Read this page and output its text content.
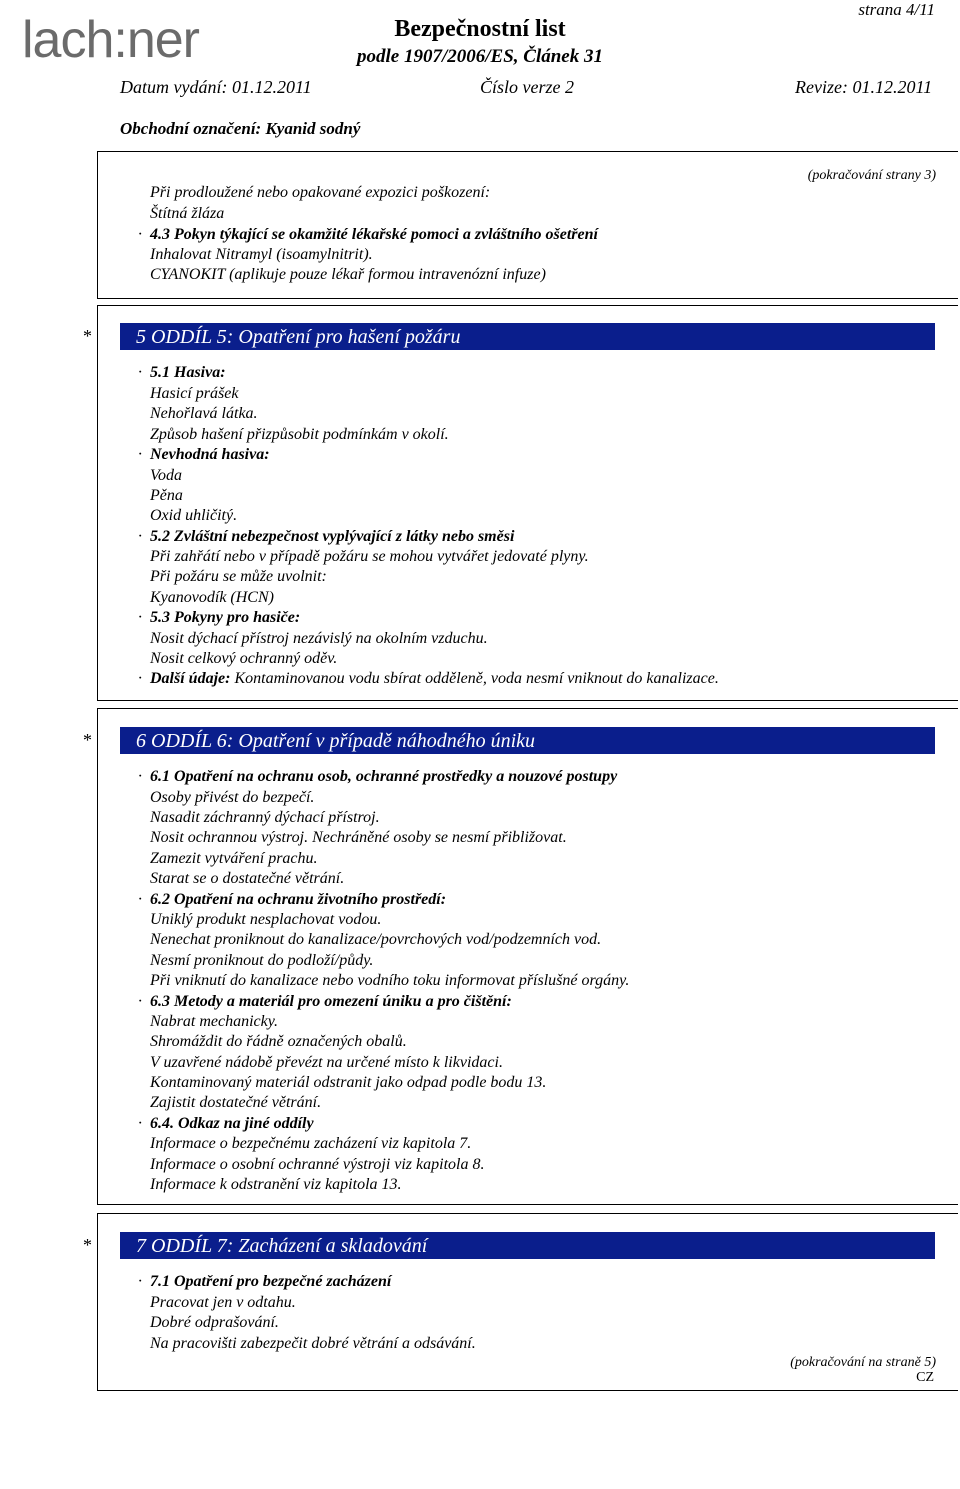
lach:ner	Bezpečnostní list
podle 1907/2006/ES, Článek 31
strana 4/11
Datum vydání: 01.12.2011	Číslo verze 2	Revize: 01.12.2011
Obchodní označení: Kyanid sodný
(pokračování strany 3)
Při prodloužené nebo opakované expozici poškození:
Štítná žláza
· 4.3 Pokyn týkající se okamžité lékařské pomoci a zvláštního ošetření
Inhalovat Nitramyl (isoamylnitrit).
CYANOKIT (aplikuje pouze lékař formou intravenózní infuze)
* 5 ODDÍL 5: Opatření pro hašení požáru
· 5.1 Hasiva:
Hasicí prášek
Nehořlavá látka.
Způsob hašení přizpůsobit podmínkám v okolí.
· Nevhodná hasiva:
Voda
Pěna
Oxid uhličitý.
· 5.2 Zvláštní nebezpečnost vyplývající z látky nebo směsi
Při zahřátí nebo v případě požáru se mohou vytvářet jedovaté plyny.
Při požáru se může uvolnit:
Kyanovodík (HCN)
· 5.3 Pokyny pro hasiče:
Nosit dýchací přístroj nezávislý na okolním vzduchu.
Nosit celkový ochranný oděv.
· Další údaje: Kontaminovanou vodu sbírat odděleně, voda nesmí vniknout do kanalizace.
* 6 ODDÍL 6: Opatření v případě náhodného úniku
· 6.1 Opatření na ochranu osob, ochranné prostředky a nouzové postupy
Osoby přivést do bezpečí.
Nasadit záchranný dýchací přístroj.
Nosit ochrannou výstroj. Nechráněné osoby se nesmí přibližovat.
Zamezit vytváření prachu.
Starat se o dostatečné větrání.
· 6.2 Opatření na ochranu životního prostředí:
Uniklý produkt nesplachovat vodou.
Nenechat proniknout do kanalizace/povrchových vod/podzemních vod.
Nesmí proniknout do podloží/půdy.
Při vniknutí do kanalizace nebo vodního toku informovat příslušné orgány.
· 6.3 Metody a materiál pro omezení úniku a pro čištění:
Nabrat mechanicky.
Shromáždit do řádně označených obalů.
V uzavřené nádobě převézt na určené místo k likvidaci.
Kontaminovaný materiál odstranit jako odpad podle bodu 13.
Zajistit dostatečné větrání.
· 6.4. Odkaz na jiné oddíly
Informace o bezpečnému zacházení viz kapitola 7.
Informace o osobní ochranné výstroji viz kapitola 8.
Informace k odstranění viz kapitola 13.
* 7 ODDÍL 7: Zacházení a skladování
· 7.1 Opatření pro bezpečné zacházení
Pracovat jen v odtahu.
Dobré odprašování.
Na pracovišti zabezpečit dobré větrání a odsávání.
(pokračování na straně 5)
CZ
